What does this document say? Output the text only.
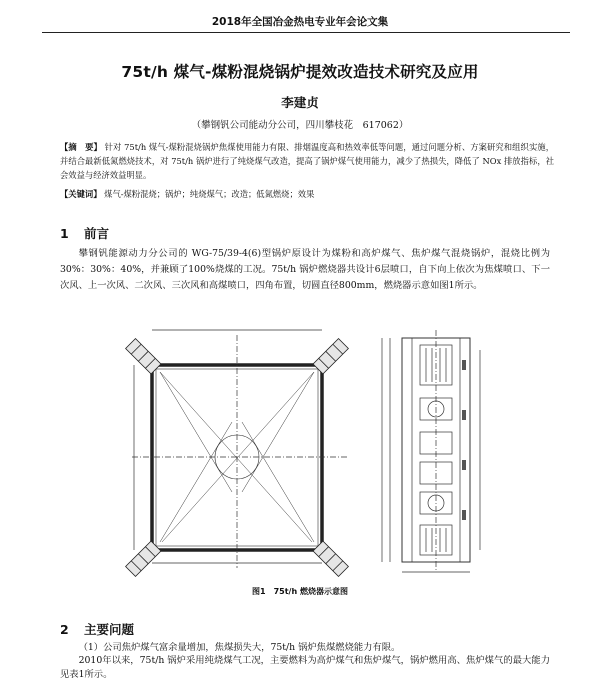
2018年全国冶金热电专业年会论文集
75t/h 煤气-煤粉混烧锅炉提效改造技术研究及应用
李建贞
（攀钢钒公司能动分公司，四川攀枝花　617062）
【摘　要】 针对 75t/h 煤气-煤粉混烧锅炉焦煤使用能力有限、排烟温度高和热效率低等问题，通过问题分析、方案研究和组织实施，并结合最新低氮燃烧技术，对 75t/h 锅炉进行了纯烧煤气改造，提高了锅炉煤气使用能力，减少了热损失，降低了 NOx 排放指标，社会效益与经济效益明显。
【关键词】 煤气-煤粉混烧；锅炉；纯烧煤气；改造；低氮燃烧；效果
1 前言
攀钢钒能源动力分公司的 WG-75/39-4(6)型锅炉原设计为煤粉和高炉煤气、焦炉煤气混烧锅炉，混烧比例为30%：30%：40%，并兼顾了100%烧煤的工况。75t/h 锅炉燃烧器共设计6层喷口，自下向上依次为焦煤喷口、下一次风、上一次风、二次风、三次风和高煤喷口，四角布置，切圆直径800mm，燃烧器示意如图1所示。
图1　75t/h 燃烧器示意图
2 主要问题
（1）公司焦炉煤气富余量增加，焦煤损失大，75t/h 锅炉焦煤燃烧能力有限。
2010年以来，75t/h 锅炉采用纯烧煤气工况，主要燃料为高炉煤气和焦炉煤气，锅炉燃用高、焦炉煤气的最大能力见表1所示。
